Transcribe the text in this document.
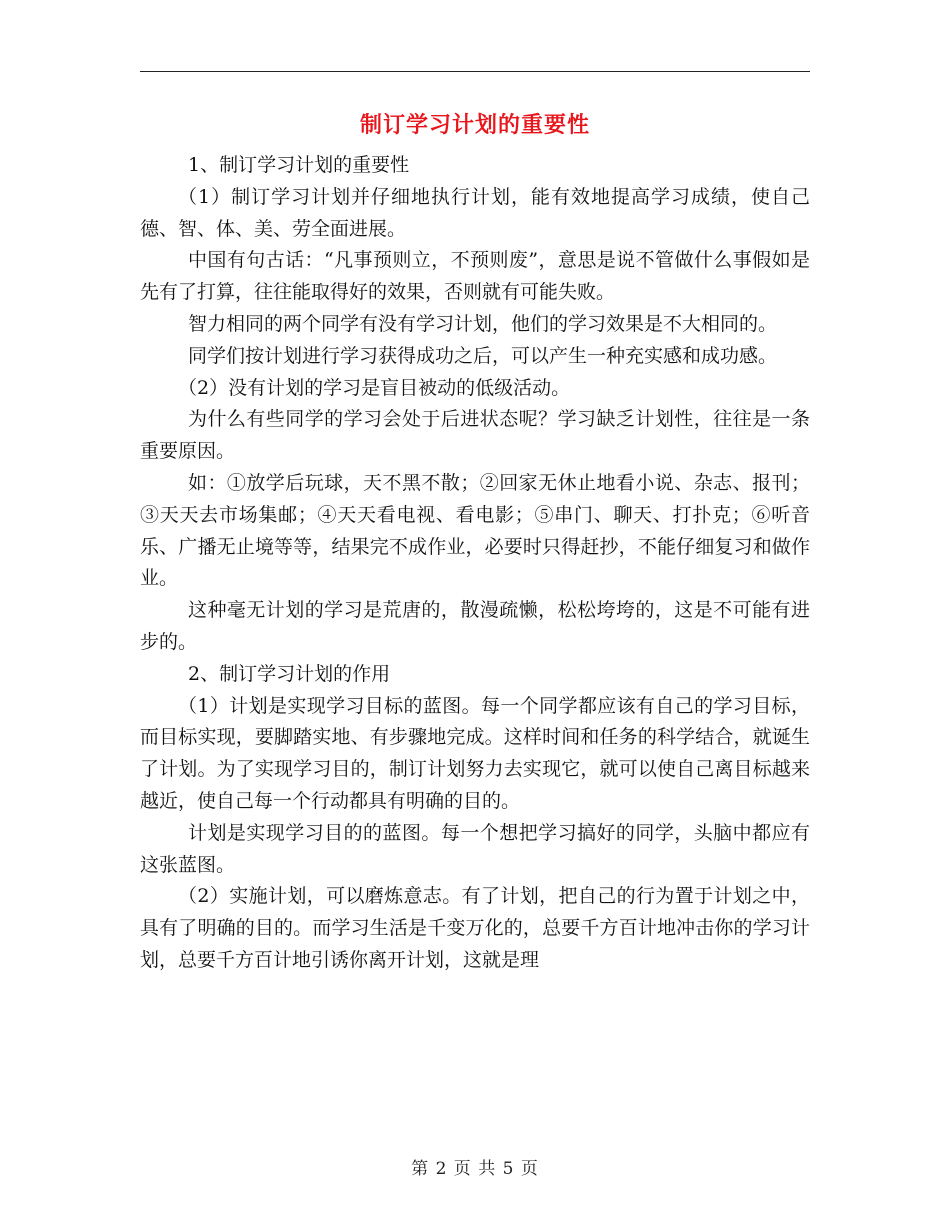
制订学习计划的重要性

1、制订学习计划的重要性

（1）制订学习计划并仔细地执行计划，能有效地提高学习成绩，使自己德、智、体、美、劳全面进展。

中国有句古话：“凡事预则立，不预则废”，意思是说不管做什么事假如是先有了打算，往往能取得好的效果，否则就有可能失败。

智力相同的两个同学有没有学习计划，他们的学习效果是不大相同的。

同学们按计划进行学习获得成功之后，可以产生一种充实感和成功感。

（2）没有计划的学习是盲目被动的低级活动。

为什么有些同学的学习会处于后进状态呢？学习缺乏计划性，往往是一条重要原因。

如：①放学后玩球，天不黑不散；②回家无休止地看小说、杂志、报刊；③天天去市场集邮；④天天看电视、看电影；⑤串门、聊天、打扑克；⑥听音乐、广播无止境等等，结果完不成作业，必要时只得赶抄，不能仔细复习和做作业。

这种毫无计划的学习是荒唐的，散漫疏懒，松松垮垮的，这是不可能有进步的。

2、制订学习计划的作用

（1）计划是实现学习目标的蓝图。每一个同学都应该有自己的学习目标，而目标实现，要脚踏实地、有步骤地完成。这样时间和任务的科学结合，就诞生了计划。为了实现学习目的，制订计划努力去实现它，就可以使自己离目标越来越近，使自己每一个行动都具有明确的目的。

计划是实现学习目的的蓝图。每一个想把学习搞好的同学，头脑中都应有这张蓝图。

（2）实施计划，可以磨炼意志。有了计划，把自己的行为置于计划之中，具有了明确的目的。而学习生活是千变万化的，总要千方百计地冲击你的学习计划，总要千方百计地引诱你离开计划，这就是理

第 2 页 共 5 页
